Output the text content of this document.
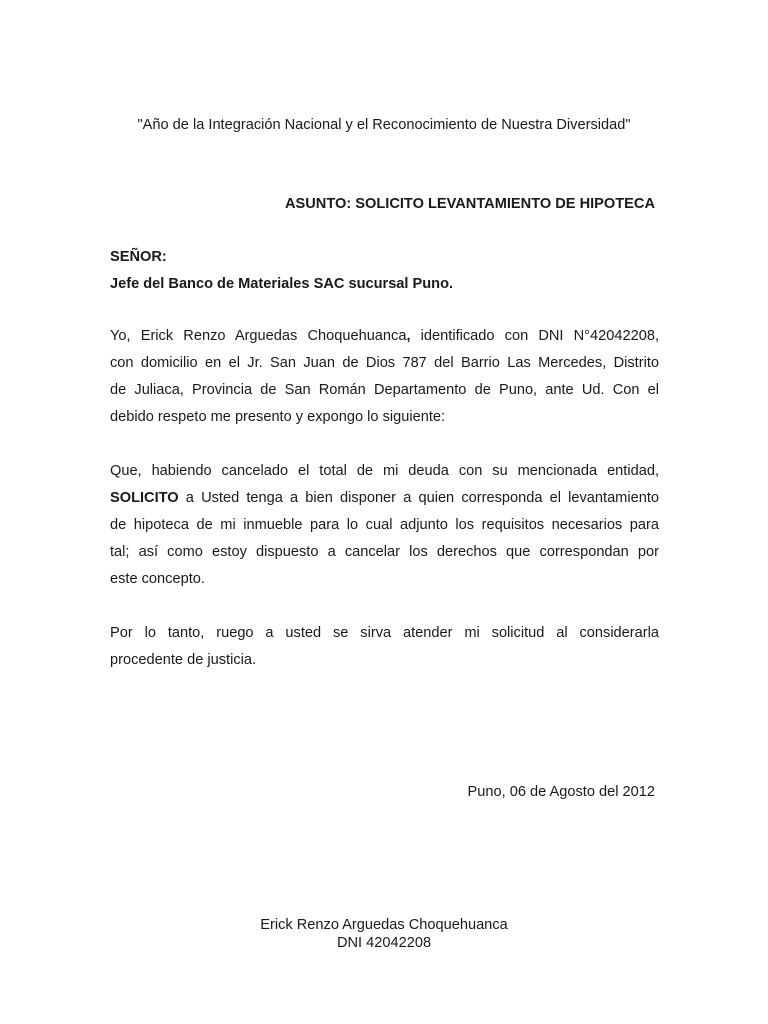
"Año de la Integración Nacional y el Reconocimiento de Nuestra Diversidad"
ASUNTO: SOLICITO LEVANTAMIENTO DE HIPOTECA
SEÑOR:
Jefe del Banco de Materiales SAC sucursal Puno.
Yo, Erick Renzo Arguedas Choquehuanca, identificado con DNI N°42042208,
con domicilio en el Jr. San Juan de Dios 787 del Barrio Las Mercedes, Distrito
de Juliaca, Provincia de San Román Departamento de Puno, ante Ud. Con el
debido respeto me presento y expongo lo siguiente:
Que, habiendo cancelado el total de mi deuda con su mencionada entidad,
SOLICITO a Usted tenga a bien disponer a quien corresponda el levantamiento
de hipoteca de mi inmueble para lo cual adjunto los requisitos necesarios para
tal; así como estoy dispuesto a cancelar los derechos que correspondan por
este concepto.
Por lo tanto, ruego a usted se sirva atender mi solicitud al considerarla
procedente de justicia.
Puno, 06 de Agosto del 2012
Erick Renzo Arguedas Choquehuanca
DNI 42042208
